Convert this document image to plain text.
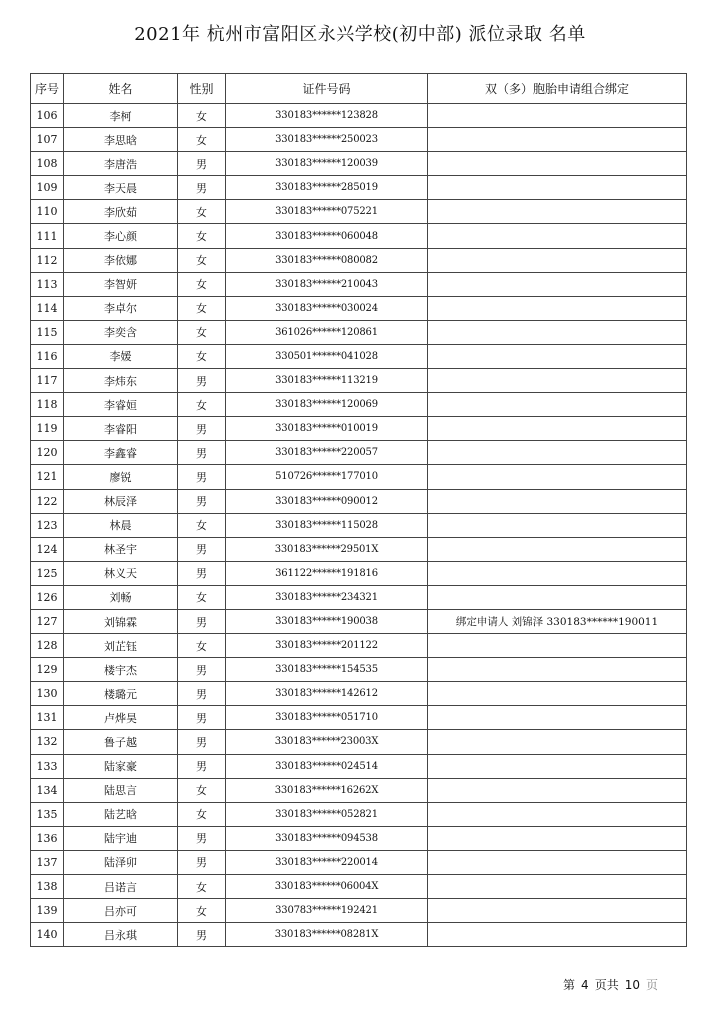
2021年 杭州市富阳区永兴学校(初中部) 派位录取 名单
序号	姓名	性别	证件号码	双（多）胞胎申请组合绑定
106	李柯	女	330183******123828	
107	李思晗	女	330183******250023	
108	李唐浩	男	330183******120039	
109	李天晨	男	330183******285019	
110	李欣茹	女	330183******075221	
111	李心颜	女	330183******060048	
112	李依娜	女	330183******080082	
113	李智妍	女	330183******210043	
114	李卓尔	女	330183******030024	
115	李奕含	女	361026******120861	
116	李媛	女	330501******041028	
117	李炜东	男	330183******113219	
118	李睿姮	女	330183******120069	
119	李睿阳	男	330183******010019	
120	李鑫睿	男	330183******220057	
121	廖锐	男	510726******177010	
122	林辰泽	男	330183******090012	
123	林晨	女	330183******115028	
124	林圣宇	男	330183******29501X	
125	林义天	男	361122******191816	
126	刘畅	女	330183******234321	
127	刘锦霖	男	330183******190038	绑定申请人 刘锦泽 330183******190011
128	刘芷钰	女	330183******201122	
129	楼宇杰	男	330183******154535	
130	楼璐元	男	330183******142612	
131	卢烨昊	男	330183******051710	
132	鲁子越	男	330183******23003X	
133	陆家豪	男	330183******024514	
134	陆思言	女	330183******16262X	
135	陆艺晗	女	330183******052821	
136	陆宇迪	男	330183******094538	
137	陆泽卯	男	330183******220014	
138	吕诺言	女	330183******06004X	
139	吕亦可	女	330783******192421	
140	吕永琪	男	330183******08281X	
第 4 页共 10 页
